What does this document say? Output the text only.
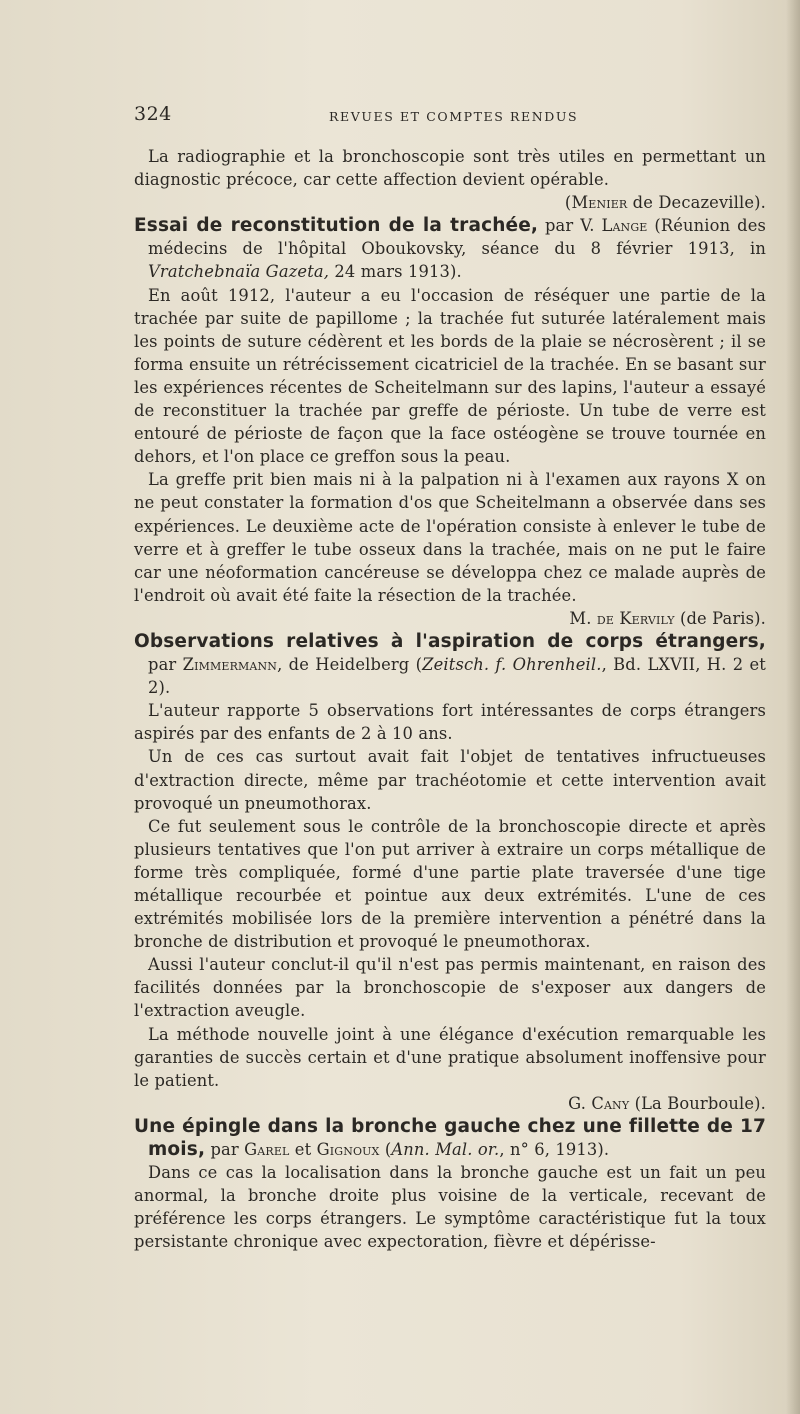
324	REVUES ET COMPTES RENDUS

La radiographie et la bronchoscopie sont très utiles en permettant un diagnostic précoce, car cette affection devient opérable.

(Menier de Decazeville).

Essai de reconstitution de la trachée, par V. Lange (Réunion des médecins de l'hôpital Oboukovsky, séance du 8 février 1913, in Vratchebnaïa Gazeta, 24 mars 1913).

En août 1912, l'auteur a eu l'occasion de réséquer une partie de la trachée par suite de papillome ; la trachée fut suturée latéralement mais les points de suture cédèrent et les bords de la plaie se nécrosèrent ; il se forma ensuite un rétrécissement cicatriciel de la trachée. En se basant sur les expériences récentes de Scheitelmann sur des lapins, l'auteur a essayé de reconstituer la trachée par greffe de périoste. Un tube de verre est entouré de périoste de façon que la face ostéogène se trouve tournée en dehors, et l'on place ce greffon sous la peau.

La greffe prit bien mais ni à la palpation ni à l'examen aux rayons X on ne peut constater la formation d'os que Scheitelmann a observée dans ses expériences. Le deuxième acte de l'opération consiste à enlever le tube de verre et à greffer le tube osseux dans la trachée, mais on ne put le faire car une néoformation cancéreuse se développa chez ce malade auprès de l'endroit où avait été faite la résection de la trachée.

M. de Kervily (de Paris).

Observations relatives à l'aspiration de corps étrangers, par Zimmermann, de Heidelberg (Zeitsch. f. Ohrenheil., Bd. LXVII, H. 2 et 2).

L'auteur rapporte 5 observations fort intéressantes de corps étrangers aspirés par des enfants de 2 à 10 ans.

Un de ces cas surtout avait fait l'objet de tentatives infructueuses d'extraction directe, même par trachéotomie et cette intervention avait provoqué un pneumothorax.

Ce fut seulement sous le contrôle de la bronchoscopie directe et après plusieurs tentatives que l'on put arriver à extraire un corps métallique de forme très compliquée, formé d'une partie plate traversée d'une tige métallique recourbée et pointue aux deux extrémités. L'une de ces extrémités mobilisée lors de la première intervention a pénétré dans la bronche de distribution et provoqué le pneumothorax.

Aussi l'auteur conclut-il qu'il n'est pas permis maintenant, en raison des facilités données par la bronchoscopie de s'exposer aux dangers de l'extraction aveugle.

La méthode nouvelle joint à une élégance d'exécution remarquable les garanties de succès certain et d'une pratique absolument inoffensive pour le patient.

G. Cany (La Bourboule).

Une épingle dans la bronche gauche chez une fillette de 17 mois, par Garel et Gignoux (Ann. Mal. or., n° 6, 1913).

Dans ce cas la localisation dans la bronche gauche est un fait un peu anormal, la bronche droite plus voisine de la verticale, recevant de préférence les corps étrangers. Le symptôme caractéristique fut la toux persistante chronique avec expectoration, fièvre et dépérisse-
